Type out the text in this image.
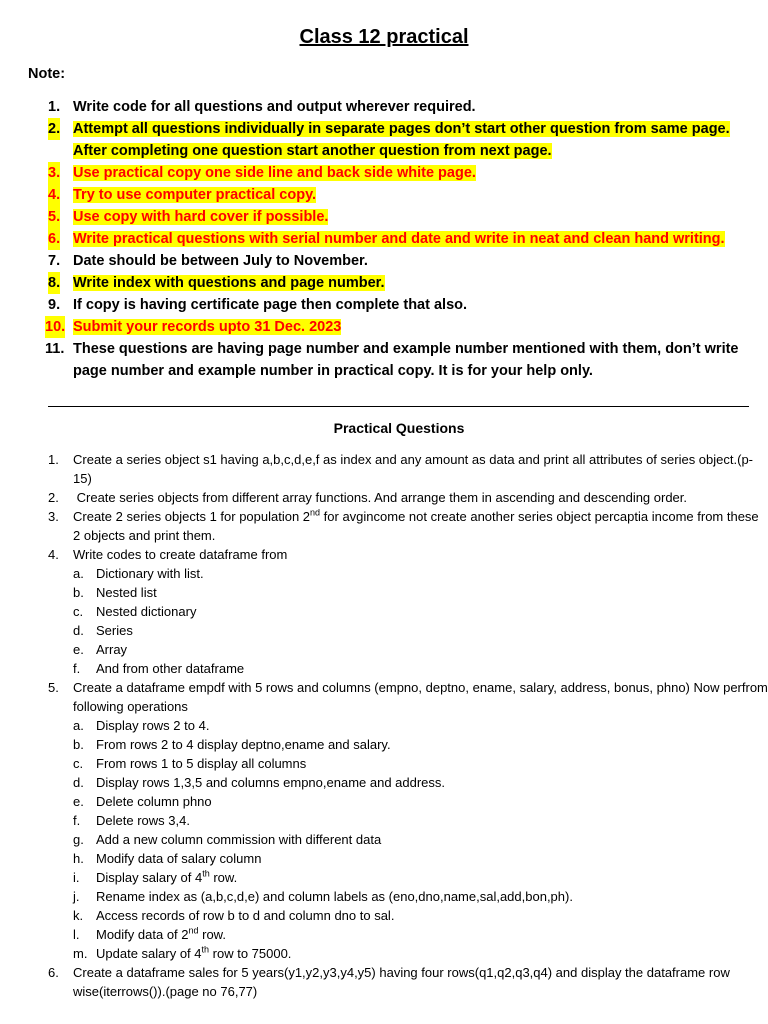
Class 12 practical
Note:
1. Write code for all questions and output wherever required.
2. Attempt all questions individually in separate pages don’t start other question from same page. After completing one question start another question from next page.
3. Use practical copy one side line and back side white page.
4. Try to use computer practical copy.
5. Use copy with hard cover if possible.
6. Write practical questions with serial number and date and write in neat and clean hand writing.
7. Date should be between July to November.
8. Write index with questions and page number.
9. If copy is having certificate page then complete that also.
10. Submit your records upto 31 Dec. 2023
11. These questions are having page number and example number mentioned with them, don’t write page number and example number in practical copy. It is for your help only.
Practical Questions
1. Create a series object s1 having a,b,c,d,e,f as index and any amount as data and print all attributes of series object.(p-15)
2. Create series objects from different array functions. And arrange them in ascending and descending order.
3. Create 2 series objects 1 for population 2nd for avgincome not create another series object percaptia income from these 2 objects and print them.
4. Write codes to create dataframe from
a. Dictionary with list.
b. Nested list
c. Nested dictionary
d. Series
e. Array
f. And from other dataframe
5. Create a dataframe empdf with 5 rows and columns (empno, deptno, ename, salary, address, bonus, phno) Now perfrom following operations
a. Display rows 2 to 4.
b. From rows 2 to 4 display deptno,ename and salary.
c. From rows 1 to 5 display all columns
d. Display rows 1,3,5 and columns empno,ename and address.
e. Delete column phno
f. Delete rows 3,4.
g. Add a new column commission with different data
h. Modify data of salary column
i. Display salary of 4th row.
j. Rename index as (a,b,c,d,e) and column labels as (eno,dno,name,sal,add,bon,ph).
k. Access records of row b to d and column dno to sal.
l. Modify data of 2nd row.
m. Update salary of 4th row to 75000.
6. Create a dataframe sales for 5 years(y1,y2,y3,y4,y5) having four rows(q1,q2,q3,q4) and display the dataframe row wise(iterrows()).(page no 76,77)
